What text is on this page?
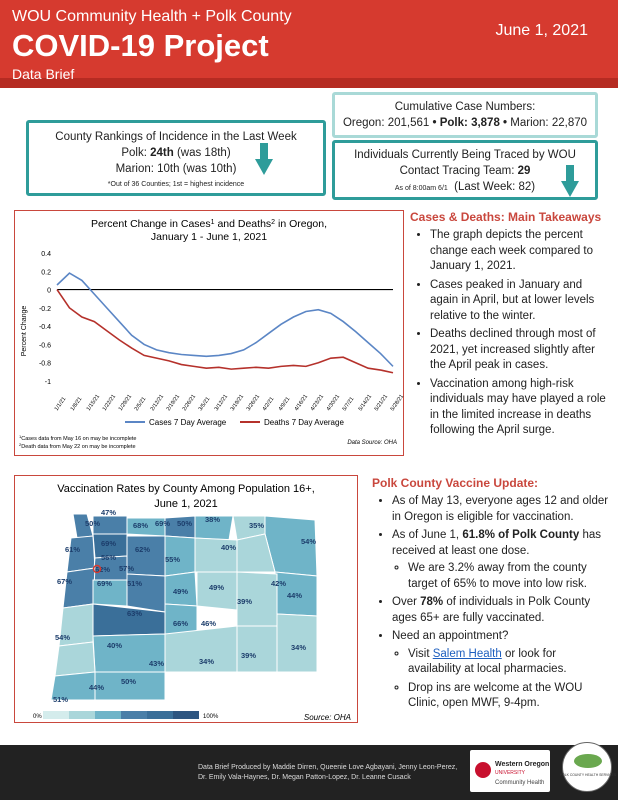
WOU Community Health + Polk County
COVID-19 Project
Data Brief
June 1, 2021
Cumulative Case Numbers:
Oregon: 201,561 • Polk: 3,878 • Marion: 22,870
County Rankings of Incidence in the Last Week
Polk: 24th (was 18th)
Marion: 10th (was 10th)
*Out of 36 Counties; 1st = highest incidence
Individuals Currently Being Traced by WOU
Contact Tracing Team: 29
As of 8:00am 6/1 (Last Week: 82)
Percent Change in Cases$^1$ and Deaths$^2$ in Oregon,
January 1 - June 1, 2021
Percent Change
0.4
0.2
0
-0.2
-0.4
-0.6
-0.8
-1
1/1/21 1/8/21 1/15/21 1/22/21 1/29/21 2/5/21 2/12/21 2/19/21 2/26/21 3/5/21 3/12/21 3/19/21 3/26/21 4/2/21 4/9/21 4/16/21 4/23/21 4/30/21 5/7/21 5/14/21 5/21/21 5/28/21
Cases 7 Day Average	Deaths 7 Day Average
$^1$Cases data from May 16 on may be incomplete
$^2$Death data from May 22 on may be incomplete
Data Source: OHA
Cases & Deaths: Main Takeaways
• The graph depicts the percent change each week compared to January 1, 2021.
• Cases peaked in January and again in April, but at lower levels relative to the winter.
• Deaths declined through most of 2021, yet increased slightly after the April peak in cases.
• Vaccination among high-risk individuals may have played a role in the limited increase in deaths following the April surge.
Vaccination Rates by County Among Population 16+,
June 1, 2021
47%
50%	68% 69% 50% 38%
35%
61%
69%
56%
62%
55%
40%
54%
62% 57%
67%	69% 51%
49%	49%	42%
44%
39%
63%
66% 46%
54%
40%
43%	34%
39%
34%
44%
50%
51%
0%	100%	Source: OHA
Polk County Vaccine Update:
• As of May 13, everyone ages 12 and older in Oregon is eligible for vaccination.
• As of June 1, 61.8% of Polk County has received at least one dose.
◦ We are 3.2% away from the county target of 65% to move into low risk.
• Over 78% of individuals in Polk County ages 65+ are fully vaccinated.
• Need an appointment?
◦ Visit Salem Health or look for availability at local pharmacies.
◦ Drop ins are welcome at the WOU Clinic, open MWF, 9-4pm.
Data Brief Produced by Maddie Dirren, Queenie Love Agbayani, Jenny Leon-Perez,
Dr. Emily Vala-Haynes, Dr. Megan Patton-Lopez, Dr. Leanne Cusack
Western Oregon
UNIVERSITY
Community Health
POLK COUNTY HEALTH SERVICES
